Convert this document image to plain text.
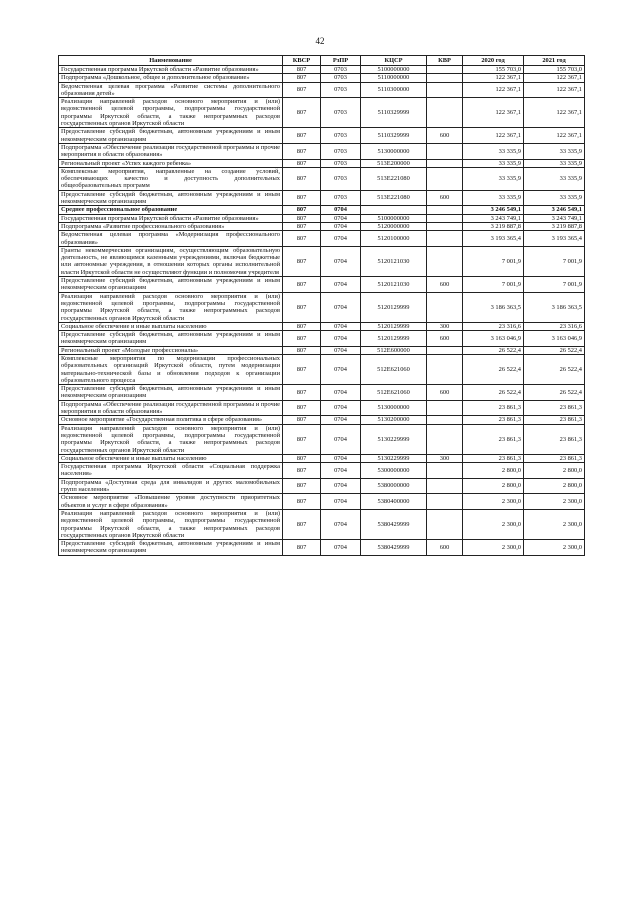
42
Наименование	КВСР	РзПР	КЦСР	КВР	2020 год	2021 год
Государственная программа Иркутской области «Развитие образования»	807	0703	5100000000		155 703,0	155 703,0
Подпрограмма «Дошкольное, общее и дополнительное образование»	807	0703	5110000000		122 367,1	122 367,1
Ведомственная целевая программа «Развитие системы дополнительного образования детей»	807	0703	5110300000		122 367,1	122 367,1
Реализация направлений расходов основного мероприятия и (или) ведомственной целевой программы, подпрограммы государственной программы Иркутской области, а также непрограммных расходов государственных органов Иркутской области	807	0703	5110329999		122 367,1	122 367,1
Предоставление субсидий бюджетным, автономным учреждениям и иным некоммерческим организациям	807	0703	5110329999	600	122 367,1	122 367,1
Подпрограмма «Обеспечение реализации государственной программы и прочие мероприятия в области образования»	807	0703	5130000000		33 335,9	33 335,9
Региональный проект «Успех каждого ребенка»	807	0703	513E200000		33 335,9	33 335,9
Комплексные мероприятия, направленные на создание условий, обеспечивающих качество и доступность дополнительных общеобразовательных программ	807	0703	513E221080		33 335,9	33 335,9
Предоставление субсидий бюджетным, автономным учреждениям и иным некоммерческим организациям	807	0703	513E221080	600	33 335,9	33 335,9
Среднее профессиональное образование	807	0704			3 246 549,1	3 246 549,1
Государственная программа Иркутской области «Развитие образования»	807	0704	5100000000		3 243 749,1	3 243 749,1
Подпрограмма «Развитие профессионального образования»	807	0704	5120000000		3 219 887,8	3 219 887,8
Ведомственная целевая программа «Модернизация профессионального образования»	807	0704	5120100000		3 193 365,4	3 193 365,4
Гранты некоммерческим организациям, осуществляющим образовательную деятельность, не являющимся казенными учреждениями, включая бюджетные или автономные учреждения, в отношении которых органы исполнительной власти Иркутской области не осуществляют функции и полномочия учредителя	807	0704	5120121030		7 001,9	7 001,9
Предоставление субсидий бюджетным, автономным учреждениям и иным некоммерческим организациям	807	0704	5120121030	600	7 001,9	7 001,9
Реализация направлений расходов основного мероприятия и (или) ведомственной целевой программы, подпрограммы государственной программы Иркутской области, а также непрограммных расходов государственных органов Иркутской области	807	0704	5120129999		3 186 363,5	3 186 363,5
Социальное обеспечение и иные выплаты населению	807	0704	5120129999	300	23 316,6	23 316,6
Предоставление субсидий бюджетным, автономным учреждениям и иным некоммерческим организациям	807	0704	5120129999	600	3 163 046,9	3 163 046,9
Региональный проект «Молодые профессионалы»	807	0704	512E600000		26 522,4	26 522,4
Комплексные мероприятия по модернизации профессиональных образовательных организаций Иркутской области, путем модернизации материально-технической базы и обновления подходов к организации образовательного процесса	807	0704	512E621060		26 522,4	26 522,4
Предоставление субсидий бюджетным, автономным учреждениям и иным некоммерческим организациям	807	0704	512E621060	600	26 522,4	26 522,4
Подпрограмма «Обеспечение реализации государственной программы и прочие мероприятия в области образования»	807	0704	5130000000		23 861,3	23 861,3
Основное мероприятие «Государственная политика в сфере образования»	807	0704	5130200000		23 861,3	23 861,3
Реализация направлений расходов основного мероприятия и (или) ведомственной целевой программы, подпрограммы государственной программы Иркутской области, а также непрограммных расходов государственных органов Иркутской области	807	0704	5130229999		23 861,3	23 861,3
Социальное обеспечение и иные выплаты населению	807	0704	5130229999	300	23 861,3	23 861,3
Государственная программа Иркутской области «Социальная поддержка населения»	807	0704	5300000000		2 800,0	2 800,0
Подпрограмма «Доступная среда для инвалидов и других маломобильных групп населения»	807	0704	5380000000		2 800,0	2 800,0
Основное мероприятие «Повышение уровня доступности приоритетных объектов и услуг в сфере образования»	807	0704	5380400000		2 300,0	2 300,0
Реализация направлений расходов основного мероприятия и (или) ведомственной целевой программы, подпрограммы государственной программы Иркутской области, а также непрограммных расходов государственных органов Иркутской области	807	0704	5380429999		2 300,0	2 300,0
Предоставление субсидий бюджетным, автономным учреждениям и иным некоммерческим организациям	807	0704	5380429999	600	2 300,0	2 300,0
